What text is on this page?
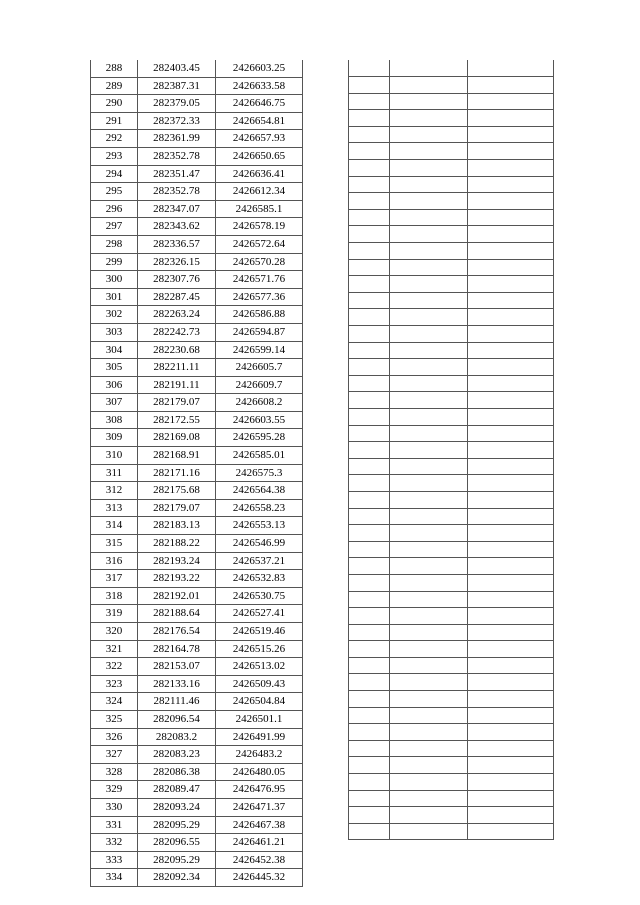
288	282403.45	2426603.25
289	282387.31	2426633.58
290	282379.05	2426646.75
291	282372.33	2426654.81
292	282361.99	2426657.93
293	282352.78	2426650.65
294	282351.47	2426636.41
295	282352.78	2426612.34
296	282347.07	2426585.1
297	282343.62	2426578.19
298	282336.57	2426572.64
299	282326.15	2426570.28
300	282307.76	2426571.76
301	282287.45	2426577.36
302	282263.24	2426586.88
303	282242.73	2426594.87
304	282230.68	2426599.14
305	282211.11	2426605.7
306	282191.11	2426609.7
307	282179.07	2426608.2
308	282172.55	2426603.55
309	282169.08	2426595.28
310	282168.91	2426585.01
311	282171.16	2426575.3
312	282175.68	2426564.38
313	282179.07	2426558.23
314	282183.13	2426553.13
315	282188.22	2426546.99
316	282193.24	2426537.21
317	282193.22	2426532.83
318	282192.01	2426530.75
319	282188.64	2426527.41
320	282176.54	2426519.46
321	282164.78	2426515.26
322	282153.07	2426513.02
323	282133.16	2426509.43
324	282111.46	2426504.84
325	282096.54	2426501.1
326	282083.2	2426491.99
327	282083.23	2426483.2
328	282086.38	2426480.05
329	282089.47	2426476.95
330	282093.24	2426471.37
331	282095.29	2426467.38
332	282096.55	2426461.21
333	282095.29	2426452.38
334	282092.34	2426445.32
